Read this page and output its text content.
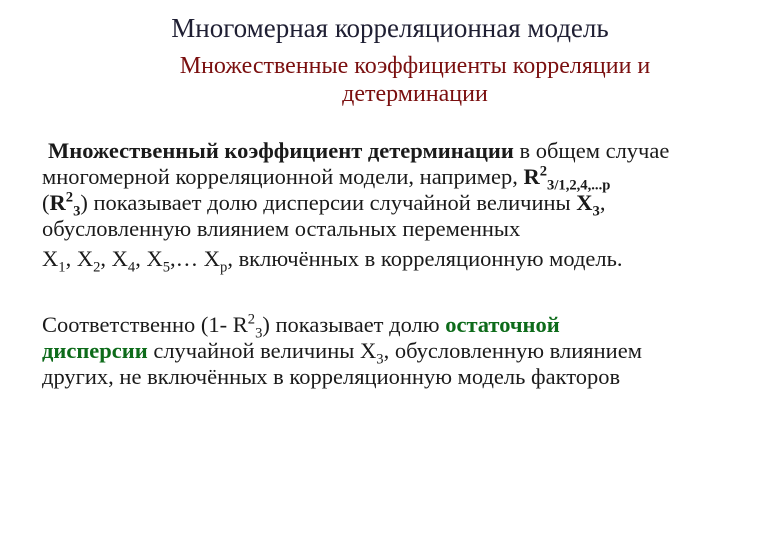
Многомерная корреляционная модель
Множественные коэффициенты корреляции и
детерминации
Множественный коэффициент детерминации в общем случае
многомерной корреляционной модели, например, $R^2_{3/1,2,4,...p}$
$(R^2_3)$ показывает долю дисперсии случайной величины $X_3$,
обусловленную влиянием остальных переменных
$X_1$, $X_2$, $X_4$, $X_5,\dots$ $X_p$, включённых в корреляционную модель.
Соответственно (1- $R^2_3$) показывает долю остаточной
дисперсии случайной величины $X_3$, обусловленную влиянием
других, не включённых в корреляционную модель факторов
